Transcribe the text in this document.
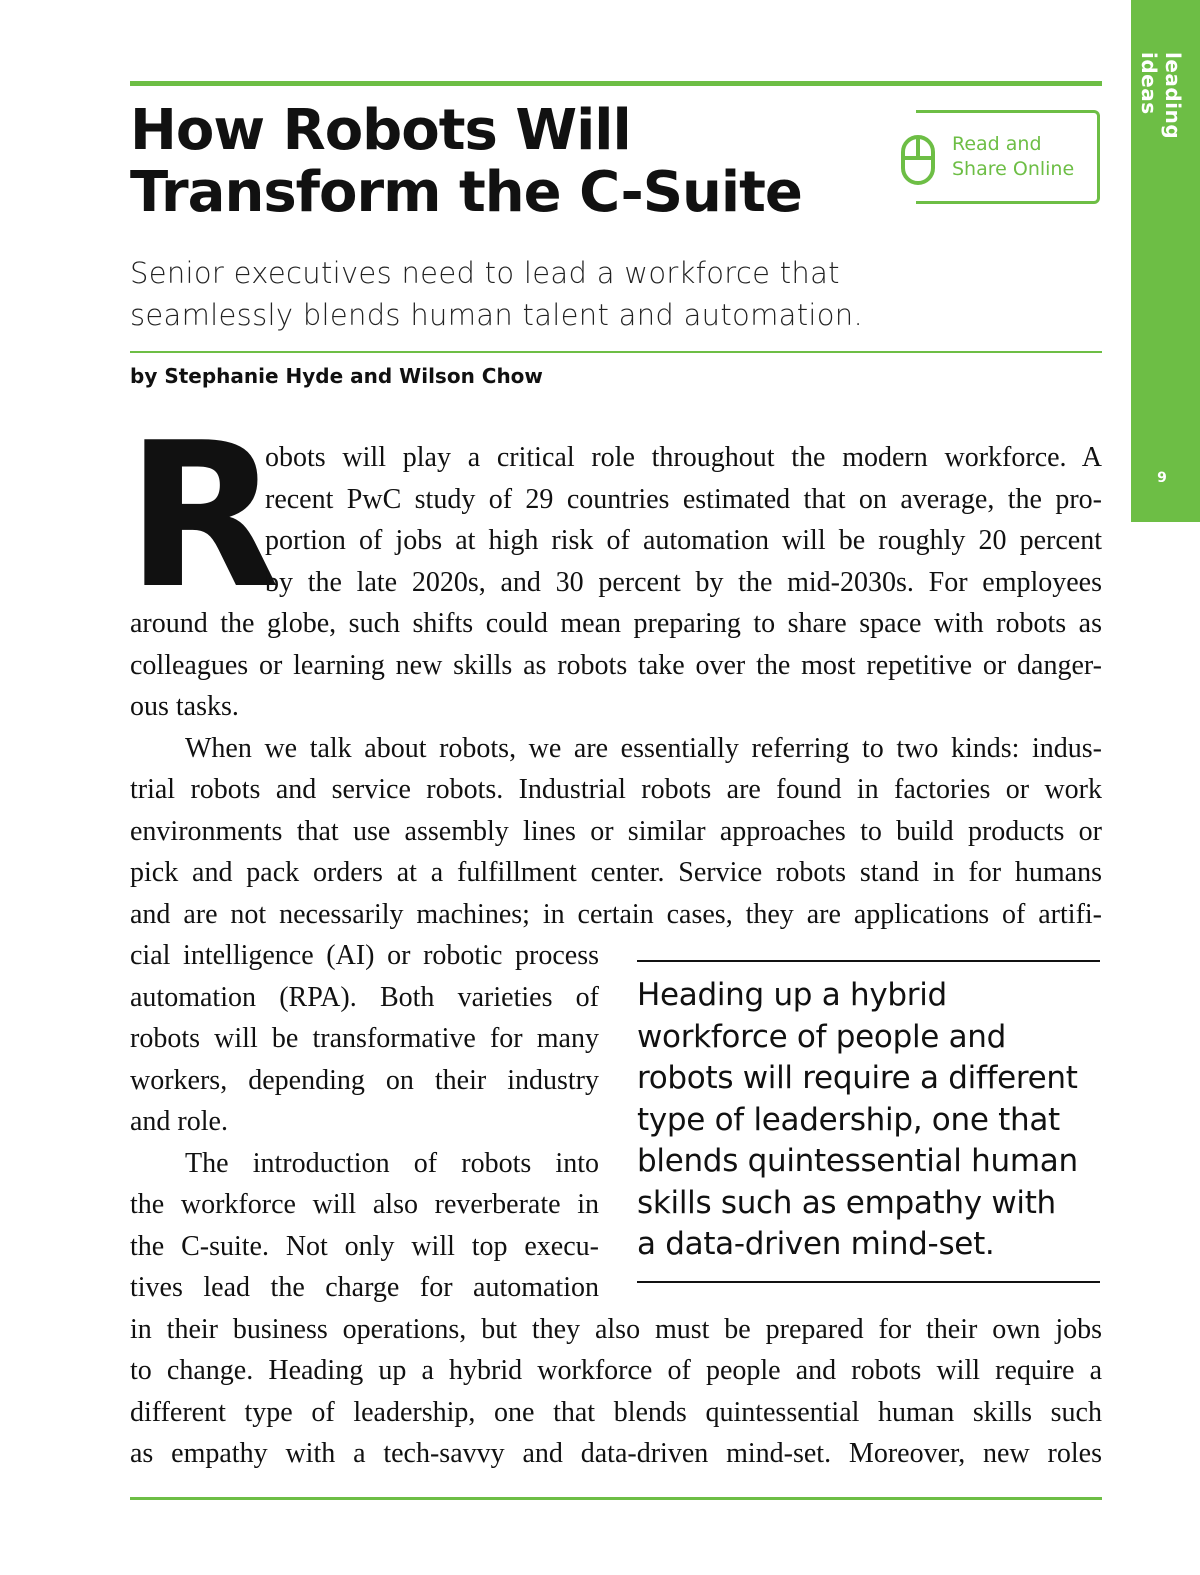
leading ideas
9
How Robots Will Transform the C-Suite
Read and
Share Online
Senior executives need to lead a workforce that seamlessly blends human talent and automation.
by Stephanie Hyde and Wilson Chow
R
obots will play a critical role throughout the modern workforce. A
recent PwC study of 29 countries estimated that on average, the pro-
portion of jobs at high risk of automation will be roughly 20 percent
by the late 2020s, and 30 percent by the mid-2030s. For employees
around the globe, such shifts could mean preparing to share space with robots as
colleagues or learning new skills as robots take over the most repetitive or danger-
ous tasks.
When we talk about robots, we are essentially referring to two kinds: indus-
trial robots and service robots. Industrial robots are found in factories or work
environments that use assembly lines or similar approaches to build products or
pick and pack orders at a fulfillment center. Service robots stand in for humans
and are not necessarily machines; in certain cases, they are applications of artifi-
cial intelligence (AI) or robotic process
automation (RPA). Both varieties of
robots will be transformative for many
workers, depending on their industry
and role.
The introduction of robots into
the workforce will also reverberate in
the C-suite. Not only will top execu-
tives lead the charge for automation
in their business operations, but they also must be prepared for their own jobs
to change. Heading up a hybrid workforce of people and robots will require a
different type of leadership, one that blends quintessential human skills such
as empathy with a tech-savvy and data-driven mind-set. Moreover, new roles
Heading up a hybrid
workforce of people and
robots will require a different
type of leadership, one that
blends quintessential human
skills such as empathy with
a data-driven mind-set.
